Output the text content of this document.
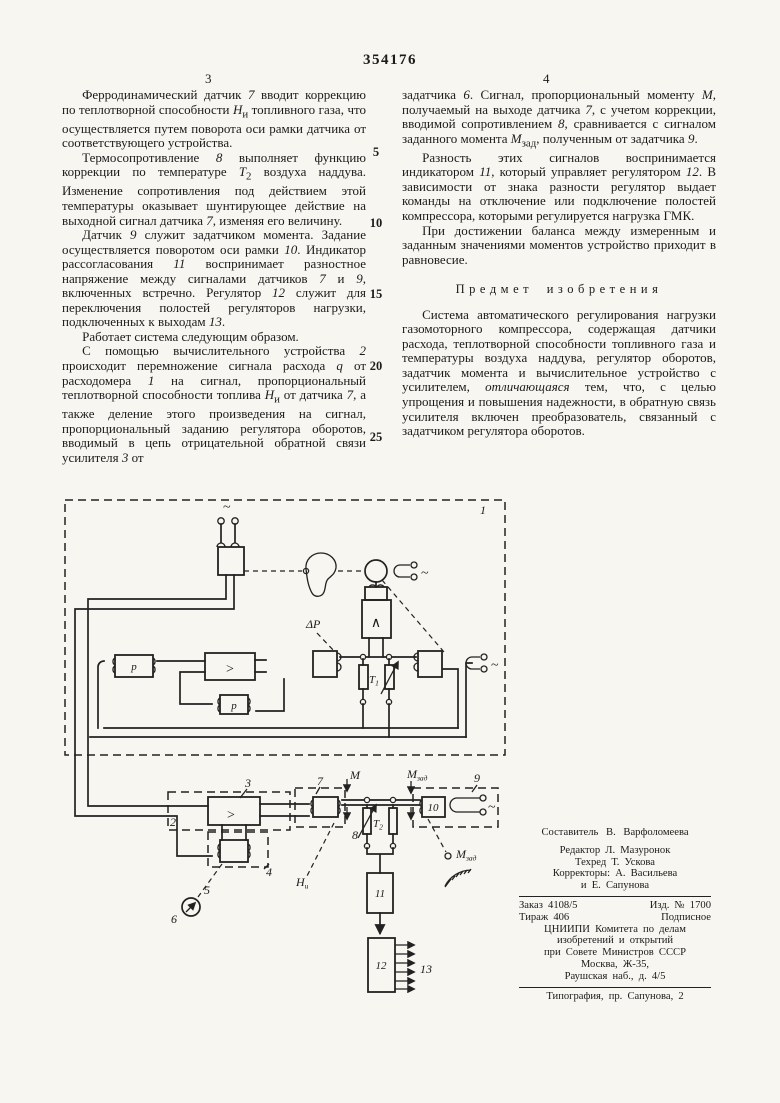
354176
3	4

Ферродинамический датчик 7 вводит коррекцию по теплотворной способности $Н_и$ топливного газа, что осуществляется путем поворота оси рамки датчика от соответствующего устройства.

Термосопротивление 8 выполняет функцию коррекции по температуре $Т_2$ воздуха наддува. Изменение сопротивления под действием этой температуры оказывает шунтирующее действие на выходной сигнал датчика 7, изменяя его величину.

Датчик 9 служит задатчиком момента. Задание осуществляется поворотом оси рамки 10. Индикатор рассогласования 11 воспринимает разностное напряжение между сигналами датчиков 7 и 9, включенных встречно. Регулятор 12 служит для переключения полостей регуляторов нагрузки, подключенных к выходам 13.

Работает система следующим образом.

С помощью вычислительного устройства 2 происходит перемножение сигнала расхода q от расходомера 1 на сигнал, пропорциональный теплотворной способности топлива $Н_и$ от датчика 7, а также деление этого произведения на сигнал, пропорциональный заданию регулятора оборотов, вводимый в цепь отрицательной обратной связи усилителя 3 от

задатчика 6. Сигнал, пропорциональный моменту М, получаемый на выходе датчика 7, с учетом коррекции, вводимой сопротивлением 8, сравнивается с сигналом заданного момента $М_{зад}$, полученным от задатчика 9.

Разность этих сигналов воспринимается индикатором 11, который управляет регулятором 12. В зависимости от знака разности регулятор выдает команды на отключение или подключение полостей компрессора, которыми регулируется нагрузка ГМК.

При достижении баланса между измеренным и заданным значениями моментов устройство приходит в равновесие.

Предмет изобретения

Система автоматического регулирования нагрузки газомоторного компрессора, содержащая датчики расхода, теплотворной способности топливного газа и температуры воздуха наддува, регулятор оборотов, задатчик момента и вычислительное устройство с усилителем, отличающаяся тем, что, с целью упрощения и повышения надежности, в обратную связь усилителя включен преобразователь, связанный с задатчиком регулятора оборотов.

5
10
15
20
25
1
~
~
∧
ΔР
$Т_1$
р	>
р
~
2	>
3
4
5
6
7 М	$М_{зад}$
$Т_2$
8
9
10	~
$М_{зад}$
$Н_и$
11
12	13
Составитель В. Варфоломеева
Редактор Л. Мазуронок
Техред Т. Ускова
Корректоры: А. Васильева
и Е. Сапунова
Заказ 4108/5	Изд. № 1700
Тираж 406	Подписное
ЦНИИПИ Комитета по делам
изобретений и открытий
при Совете Министров СССР
Москва, Ж-35,
Раушская наб., д. 4/5
Типография, пр. Сапунова, 2
